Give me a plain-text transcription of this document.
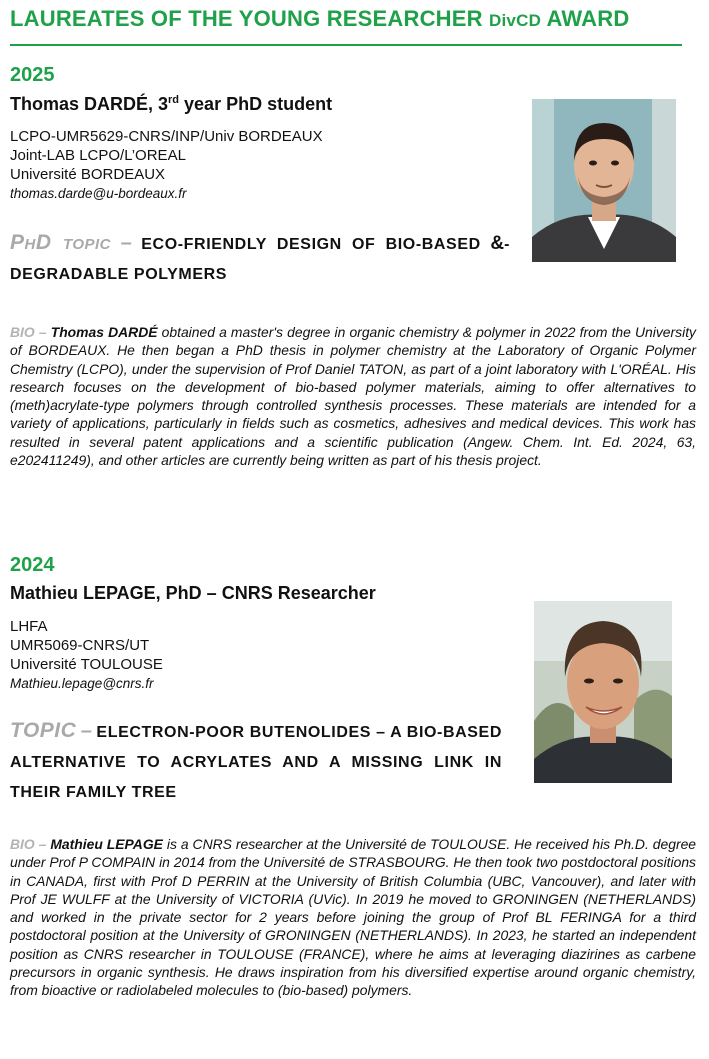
LAUREATES OF THE YOUNG RESEARCHER DivCD AWARD
2025
Thomas DARDÉ, 3rd year PhD student
LCPO-UMR5629-CNRS/INP/Univ BORDEAUX
Joint-LAB LCPO/L’OREAL
Université BORDEAUX
thomas.darde@u-bordeaux.fr
PhD topic – ECO-FRIENDLY DESIGN OF BIO-BASED &-DEGRADABLE POLYMERS
BIO – Thomas DARDÉ obtained a master's degree in organic chemistry & polymer in 2022 from the University of BORDEAUX. He then began a PhD thesis in polymer chemistry at the Laboratory of Organic Polymer Chemistry (LCPO), under the supervision of Prof Daniel TATON, as part of a joint laboratory with L'ORÉAL. His research focuses on the development of bio-based polymer materials, aiming to offer alternatives to (meth)acrylate-type polymers through controlled synthesis processes. These materials are intended for a variety of applications, particularly in fields such as cosmetics, adhesives and medical devices. This work has resulted in several patent applications and a scientific publication (Angew. Chem. Int. Ed. 2024, 63, e202411249), and other articles are currently being written as part of his thesis project.
2024
Mathieu LEPAGE, PhD – CNRS Researcher
LHFA
UMR5069-CNRS/UT
Université TOULOUSE
Mathieu.lepage@cnrs.fr
TOPIC – ELECTRON-POOR BUTENOLIDES – A BIO-BASED ALTERNATIVE TO ACRYLATES AND A MISSING LINK IN THEIR FAMILY TREE
BIO – Mathieu LEPAGE is a CNRS researcher at the Université de TOULOUSE. He received his Ph.D. degree under Prof P COMPAIN in 2014 from the Université de STRASBOURG. He then took two postdoctoral positions in CANADA, first with Prof D PERRIN at the University of British Columbia (UBC, Vancouver), and later with Prof JE WULFF at the University of VICTORIA (UVic). In 2019 he moved to GRONINGEN (NETHERLANDS) and worked in the private sector for 2 years before joining the group of Prof BL FERINGA for a third postdoctoral position at the University of GRONINGEN (NETHERLANDS). In 2023, he started an independent position as CNRS researcher in TOULOUSE (FRANCE), where he aims at leveraging diazirines as carbene precursors in organic synthesis. He draws inspiration from his diversified expertise around organic chemistry, from bioactive or radiolabeled molecules to (bio-based) polymers.
